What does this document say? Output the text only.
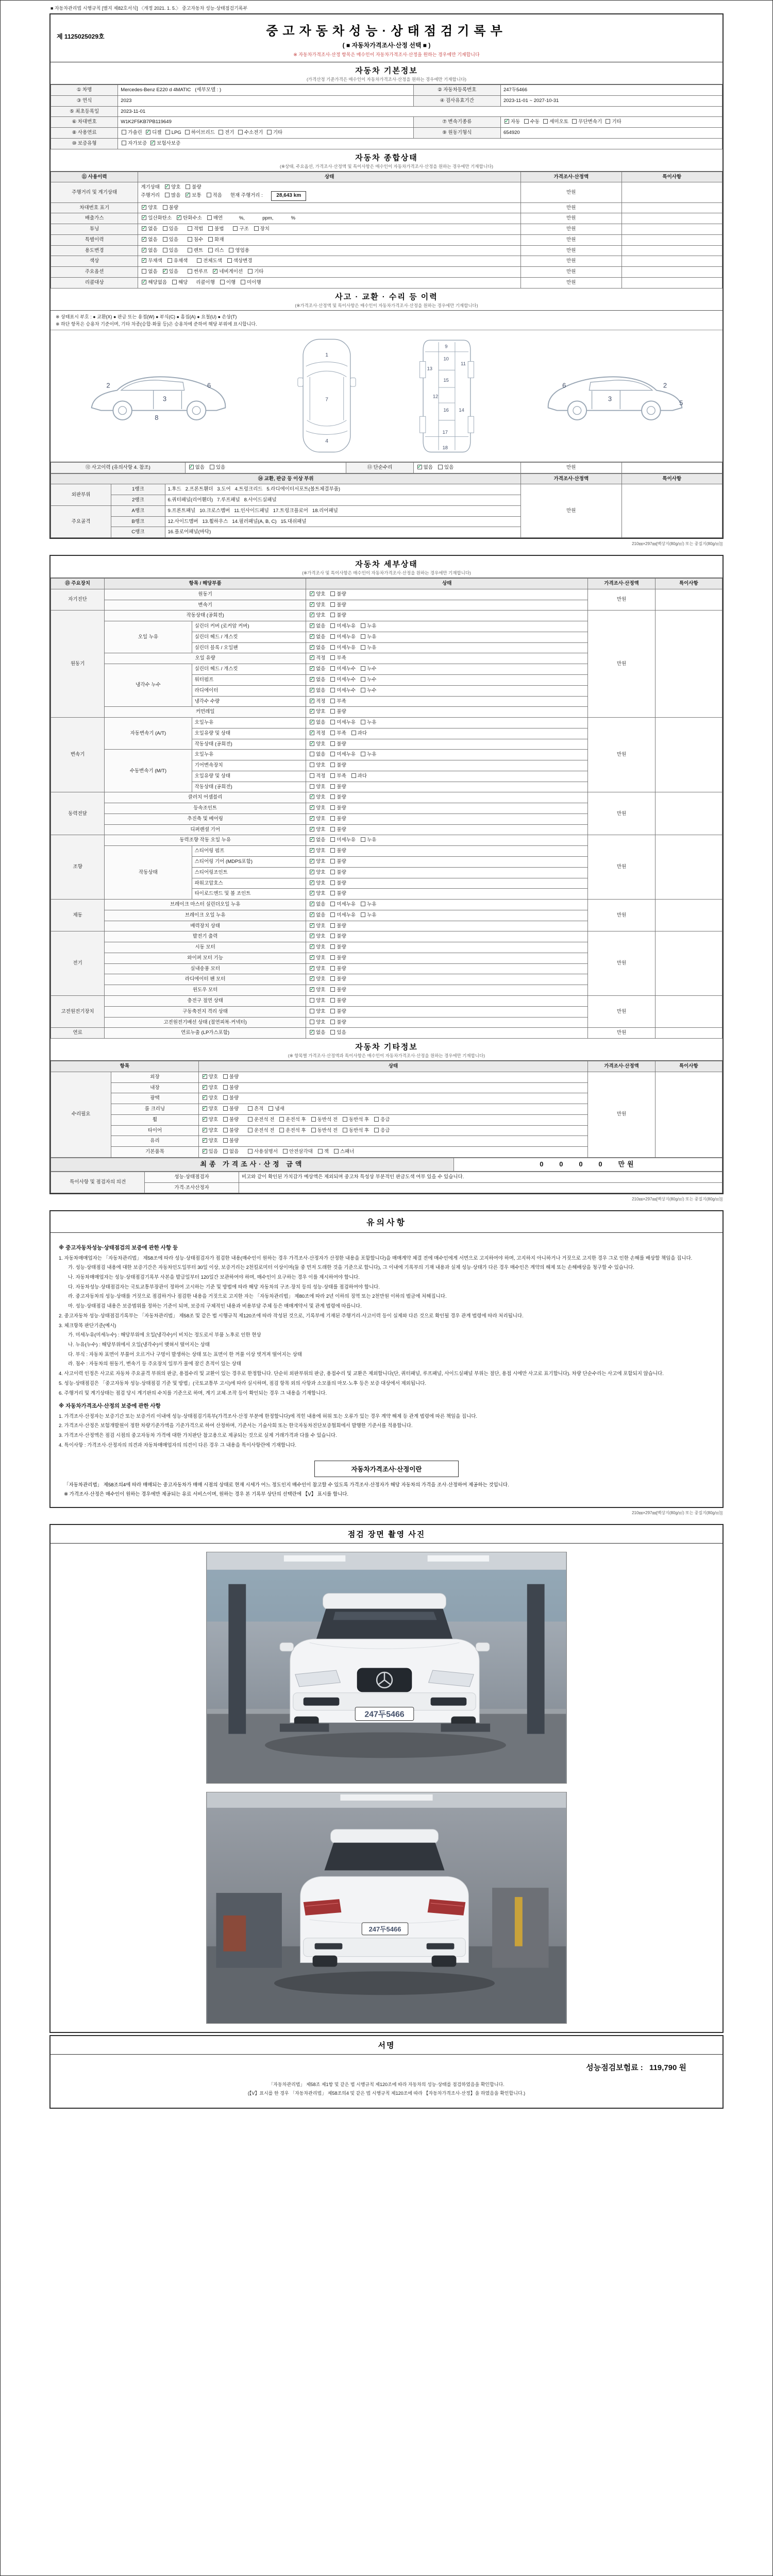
■ 자동차관리법 시행규칙 [별지 제82호서식] 〈개정 2021. 1. 5.〉 중고자동차 성능·상태점검기록부
제 1125025029호	중고자동차성능·상태점검기록부
( ■ 자동차가격조사·산정 선택 ■ )
※ 자동차가격조사·산정 항목은 매수인이 자동차가격조사·산정을 원하는 경우에만 기재합니다
자동차 기본정보
(가격산정 기준가격은 매수인이 자동차가격조사·산정을 원하는 경우에만 기재합니다)
① 차명	Mercedes-Benz E220 d 4MATIC   (세부모델 : )	② 자동차등록번호	247두5466
③ 연식	2023	④ 검사유효기간	2023-11-01 ~ 2027-10-31
⑤ 최초등록일	2023-11-01		
⑥ 차대번호	W1K2F5KB7PB119649	⑦ 변속기종류	✓자동  수동  세미오토  무단변속기  기타
⑧ 사용연료	가솔린   ✓디젤  LPG  하이브리드  전기  수소전기  기타	⑨ 원동기형식	654920
⑩ 보증유형	자가보증   ✓보험사보증
자동차 종합상태
(※상태, 주요옵션, 가격조사·산정액 및 특이사항은 매수인이 자동차가격조사·산정을 원하는 경우에만 기재합니다)
⑪ 사용이력	상태	가격조사·산정액	특이사항
주행거리 및 계기상태	계기상태    ✓양호   불량
주행거리   많음    ✓보통   적음      현재 주행거리 : 28,643 km	만원	
차대번호 표기	✓양호   불량	만원	
배출가스	✓일산화탄소    ✓탄화수소   매연            %,             ppm,             %	만원	
튜닝	✓없음   있음      적법   불법      구조   장치	만원	
특별이력	✓없음   있음      침수   화재	만원	
용도변경	✓없음   있음      렌트   리스   영업용	만원	
색상	✓무채색   유채색      전체도색   색상변경	만원	
주요옵션	없음    ✓있음      썬루프    ✓네비게이션   기타	만원	
리콜대상	✓해당없음   해당      리콜이행   이행   미이행	만원	
사고 · 교환 · 수리 등 이력
(※가격조사·산정액 및 특이사항은 매수인이 자동차가격조사·산정을 원하는 경우에만 기재합니다)
※ 상태표시 부호 : ● 교환(X) ● 판금 또는 용접(W) ● 부식(C) ● 흠집(A) ● 요철(U) ● 손상(T)
※ 하단 항목은 승용차 기준이며, 기타 차종(승합·화물 등)은 승용차에 준하여 해당 부위에 표시합니다.
2
3
6
8
1
7
4
9
10
13
11
15
12
14
16
17
18
2
3
6
5
⑫ 사고이력 (유의사항 4. 참조)	✓없음   있음	⑬ 단순수리	✓없음   있음	만원	
⑭ 교환, 판금 등 이상 부위			가격조사·산정액	특이사항
외판부위	1랭크	1.후드   2.프론트휀더   3.도어   4.트렁크리드   5.라디에이터서포트(볼트체결부품)	만원	
	2랭크	6.쿼터패널(리어휀더)   7.루프패널   8.사이드실패널		
주요골격	A랭크	9.프론트패널   10.크로스멤버   11.인사이드패널   17.트렁크플로어   18.리어패널		
	B랭크	12.사이드멤버   13.휠하우스   14.필러패널(A, B, C)   15.대쉬패널		
	C랭크	16.플로어패널(바닥)		
210㎜×297㎜[백상지(80g/㎡) 또는 중질지(80g/㎡)]
자동차 세부상태
(※가격조사 및 특이사항은 매수인이 자동차가격조사·산정을 원하는 경우에만 기재합니다)
⑮ 주요장치	항목 / 해당부품		상태	가격조사·산정액	특이사항
자기진단	원동기	✓양호   불량	만원	
	변속기	✓양호   불량
원동기	작동상태 (공회전)	✓양호   불량	만원	
	오일 누유	실린더 커버 (로커암 커버)	✓없음   미세누유   누유
		실린더 헤드 / 개스킷	✓없음   미세누유   누유
		실린더 블록 / 오일팬	✓없음   미세누유   누유
	오일 유량	✓적정   부족
	냉각수 누수	실린더 헤드 / 개스킷	✓없음   미세누수   누수
		워터펌프	✓없음   미세누수   누수
		라디에이터	✓없음   미세누수   누수
		냉각수 수량	✓적정   부족
	커먼레일	✓양호   불량
변속기	자동변속기 (A/T)	오일누유	✓없음   미세누유   누유	만원	
		오일유량 및 상태	✓적정   부족   과다
		작동상태 (공회전)	✓양호   불량
	수동변속기 (M/T)	오일누유	없음   미세누유   누유		
		기어변속장치	양호   불량		
		오일유량 및 상태	적정   부족   과다		
		작동상태 (공회전)	양호   불량		
동력전달	클러치 어셈블리	✓양호   불량	만원	
	등속조인트	✓양호   불량
	추진축 및 베어링	✓양호   불량
	디퍼렌셜 기어	✓양호   불량
조향	동력조향 작동 오일 누유	✓없음   미세누유   누유	만원	
	작동상태	스티어링 펌프	✓양호   불량
		스티어링 기어 (MDPS포함)	✓양호   불량
		스티어링조인트	✓양호   불량
		파워고압호스	✓양호   불량
		타이로드엔드 및 볼 조인트	✓양호   불량
제동	브레이크 마스터 실린더오일 누유	✓없음   미세누유   누유	만원	
	브레이크 오일 누유	✓없음   미세누유   누유
	배력장치 상태	✓양호   불량
전기	발전기 출력	✓양호   불량	만원	
	시동 모터	✓양호   불량
	와이퍼 모터 기능	✓양호   불량
	실내송풍 모터	✓양호   불량
	라디에이터 팬 모터	✓양호   불량
	윈도우 모터	✓양호   불량
고전원전기장치	충전구 절연 상태		양호   불량	만원	
	구동축전지 격리 상태		양호   불량		
	고전원전기배선 상태 (절연피복·커넥터)		양호   불량		
연료	연료누출 (LP가스포함)	✓없음   있음	만원	
자동차 기타정보
(※ 항목별 가격조사·산정액과 특이사항은 매수인이 자동차가격조사·산정을 원하는 경우에만 기재합니다)
항목		상태	가격조사·산정액	특이사항
수리필요	외장	✓양호   불량	만원	
	내장	✓양호   불량
	광택	✓양호   불량
	룸 크리닝	✓양호   불량      흔적   냄새
	휠	✓양호   불량      운전석 전   운전석 후   동반석 전   동반석 후   응급
	타이어	✓양호   불량      운전석 전   운전석 후   동반석 전   동반석 후   응급
	유리	✓양호   불량
	기본품목	✓있음   없음      사용설명서   안전삼각대   잭   스패너
최종 가격조사·산정 금액	0   0   0   0   만원
특이사항 및 점검자의 의견	성능·상태점검자	비고와 같이 확인된 가치감가 예상액은 제외되며 중고차 특성상 부분적인 판금도색 여부 있을 수 있습니다.
	가격·조사산정자	
210㎜×297㎜[백상지(80g/㎡) 또는 중질지(80g/㎡)]
유의사항
※ 중고자동차성능·상태점검의 보증에 관한 사항 등
1. 자동차매매업자는 「자동차관리법」 제58조에 따라 성능·상태점검자가 점검한 내용(매수인이 원하는 경우 가격조사·산정자가 산정한 내용을 포함합니다)을 매매계약 체결 전에 매수인에게 서면으로 고지하여야 하며, 고지하지 아니하거나 거짓으로 고지한 경우 그로 인한 손해를 배상할 책임을 집니다.
가. 성능·상태점검 내용에 대한 보증기간은 자동차인도일부터 30일 이상, 보증거리는 2천킬로미터 이상이며(둘 중 먼저 도래한 것을 기준으로 합니다), 그 이내에 기록부의 기재 내용과 실제 성능·상태가 다른 경우 매수인은 계약의 해제 또는 손해배상을 청구할 수 있습니다.
나. 자동차매매업자는 성능·상태점검기록부 사본을 발급일부터 120일간 보관하여야 하며, 매수인이 요구하는 경우 이를 제시하여야 합니다.
다. 자동차성능·상태점검자는 국토교통부장관이 정하여 고시하는 기준 및 방법에 따라 해당 자동차의 구조·장치 등의 성능·상태를 점검하여야 합니다.
라. 중고자동차의 성능·상태를 거짓으로 점검하거나 점검한 내용을 거짓으로 고지한 자는 「자동차관리법」 제80조에 따라 2년 이하의 징역 또는 2천만원 이하의 벌금에 처해집니다.
마. 성능·상태점검 내용은 보증범위를 정하는 기준이 되며, 보증의 구체적인 내용과 비용부담 주체 등은 매매계약서 및 관계 법령에 따릅니다.
2. 중고자동차 성능·상태점검기록부는 「자동차관리법」 제58조 및 같은 법 시행규칙 제120조에 따라 작성된 것으로, 기록부에 기재된 주행거리·사고이력 등이 실제와 다른 것으로 확인될 경우 관계 법령에 따라 처리됩니다.
3. 체크항목 판단기준(예시)
가. 미세누유(미세누수) : 해당부위에 오일(냉각수)이 비치는 정도로서 부품 노후로 인한 현상
나. 누유(누수) : 해당부위에서 오일(냉각수)이 맺혀서 떨어지는 상태
다. 부식 : 자동차 표면이 부풀어 오르거나 구멍이 발생하는 상태 또는 표면이 한 꺼풀 이상 벗겨져 떨어지는 상태
라. 침수 : 자동차의 원동기, 변속기 등 주요장치 일부가 물에 잠긴 흔적이 있는 상태
4. 사고이력 인정은 사고로 자동차 주요골격 부위의 판금, 용접수리 및 교환이 있는 경우로 한정합니다. 단순히 외판부위의 판금, 용접수리 및 교환은 제외합니다(단, 쿼터패널, 루프패널, 사이드실패널 부위는 절단, 용접 시에만 사고로 표기합니다). 차량 단순수리는 사고에 포함되지 않습니다.
5. 성능·상태점검은 「중고자동차 성능·상태점검 기준 및 방법」(국토교통부 고시)에 따라 실시하며, 점검 항목 외의 사항과 소모품의 마모·노후 등은 보증 대상에서 제외됩니다.
6. 주행거리 및 계기상태는 점검 당시 계기판의 수치를 기준으로 하며, 계기 교체·조작 등이 확인되는 경우 그 내용을 기재합니다.
※ 자동차가격조사·산정의 보증에 관한 사항
1. 가격조사·산정자는 보증기간 또는 보증거리 이내에 성능·상태점검기록부(가격조사·산정 부분에 한정합니다)에 적힌 내용에 허위 또는 오류가 있는 경우 계약 해제 등 관계 법령에 따른 책임을 집니다.
2. 가격조사·산정은 보험개발원이 정한 차량기준가액을 기준가격으로 하여 산정하며, 기준서는 기술사회 또는 한국자동차진단보증협회에서 발행한 기준서를 적용합니다.
3. 가격조사·산정액은 점검 시점의 중고자동차 가격에 대한 가치판단 참고용으로 제공되는 것으로 실제 거래가격과 다를 수 있습니다.
4. 특이사항 : 가격조사·산정자의 의견과 자동차매매업자의 의견이 다른 경우 그 내용을 특이사항란에 기재합니다.
자동차가격조사·산정이란
「자동차관리법」 제58조의4에 따라 매매되는 중고자동차가 매매 시점의 상태로 현재 시세가 어느 정도인지 매수인이 참고할 수 있도록 가격조사·산정자가 해당 자동차의 가격을 조사·산정하여 제공하는 것입니다.
※ 가격조사·산정은 매수인이 원하는 경우에만 제공되는 유료 서비스이며, 원하는 경우 본 기록부 상단의 선택란에 【V】 표시를 합니다.
210㎜×297㎜[백상지(80g/㎡) 또는 중질지(80g/㎡)]
점검 장면 촬영 사진
247두5466
247두5466
서명
성능점검보험료 : 119,790 원
「자동차관리법」 제58조 제1항 및 같은 법 시행규칙 제120조에 따라 자동차의 성능·상태를 점검하였음을 확인합니다.
(【V】표시를 한 경우 「자동차관리법」 제58조의4 및 같은 법 시행규칙 제120조에 따라 【자동차가격조사·산정】을 하였음을 확인합니다.)
